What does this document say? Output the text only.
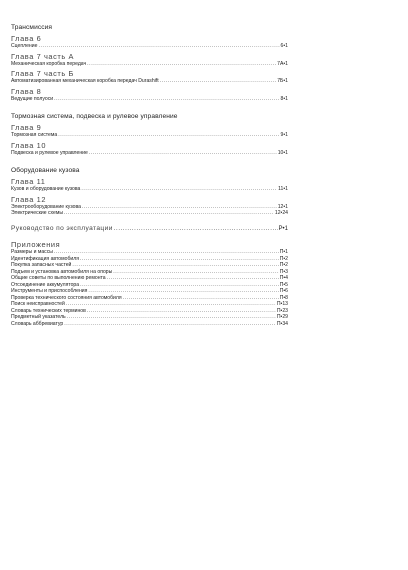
Трансмиссия

Глава 6

Сцепление .....	6•1

Глава 7 часть А

Механическая коробка передач .....	7А•1

Глава 7 часть Б

Автоматизированная механическая коробка передач Durashift .....	7Б•1

Глава 8

Ведущие полуоси .....	8•1

Тормозная система, подвеска и рулевое управление

Глава 9

Тормозная система .....	9•1

Глава 10

Подвеска и рулевое управление .....	10•1

Оборудование кузова

Глава 11

Кузов и оборудование кузова .....	11•1

Глава 12

Электрооборудование кузова .....	12•1
Электрические схемы .....	12•24
Руководство по эксплуатации .....	Р•1

Приложения

Размеры и массы .....	П•1
Идентификация автомобиля .....	П•2
Покупка запасных частей .....	П•2
Подъем и установка автомобиля на опоры .....	П•3
Общие советы по выполнению ремонта .....	П•4
Отсоединение аккумулятора .....	П•5
Инструменты и приспособления .....	П•6
Проверка технического состояния автомобиля .....	П•8
Поиск неисправностей .....	П•13
Словарь технических терминов .....	П•23
Предметный указатель .....	П•29
Словарь аббревиатур .....	П•34
